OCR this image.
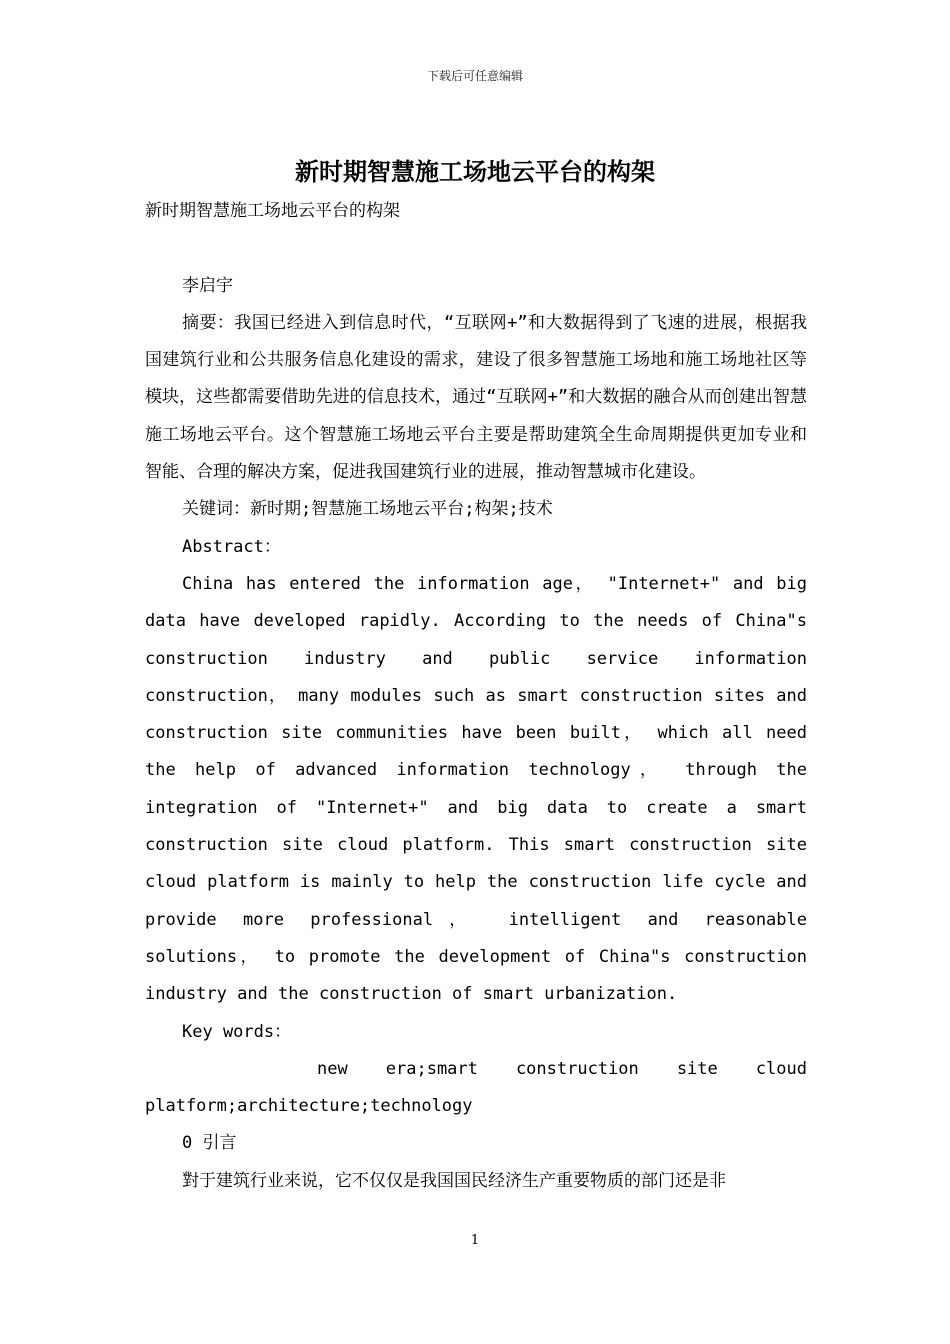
下载后可任意编辑
新时期智慧施工场地云平台的构架

新时期智慧施工场地云平台的构架

李启宇

摘要：我国已经进入到信息时代，“互联网+”和大数据得到了飞速的进展，根据我国建筑行业和公共服务信息化建设的需求，建设了很多智慧施工场地和施工场地社区等模块，这些都需要借助先进的信息技术，通过“互联网+”和大数据的融合从而创建出智慧施工场地云平台。这个智慧施工场地云平台主要是帮助建筑全生命周期提供更加专业和智能、合理的解决方案，促进我国建筑行业的进展，推动智慧城市化建设。

关键词：新时期;智慧施工场地云平台;构架;技术

Abstract：

China has entered the information age， "Internet+" and big data have developed rapidly. According to the needs of China"s construction industry and public service information construction， many modules such as smart construction sites and construction site communities have been built， which all need the help of advanced information technology， through the integration of "Internet+" and big data to create a smart construction site cloud platform. This smart construction site cloud platform is mainly to help the construction life cycle and provide more professional， intelligent and reasonable solutions， to promote the development of China"s construction industry and the construction of smart urbanization.

Key words：

new era;smart construction site cloud

platform;architecture;technology

0 引言

對于建筑行业来说，它不仅仅是我国国民经济生产重要物质的部门还是非

1
